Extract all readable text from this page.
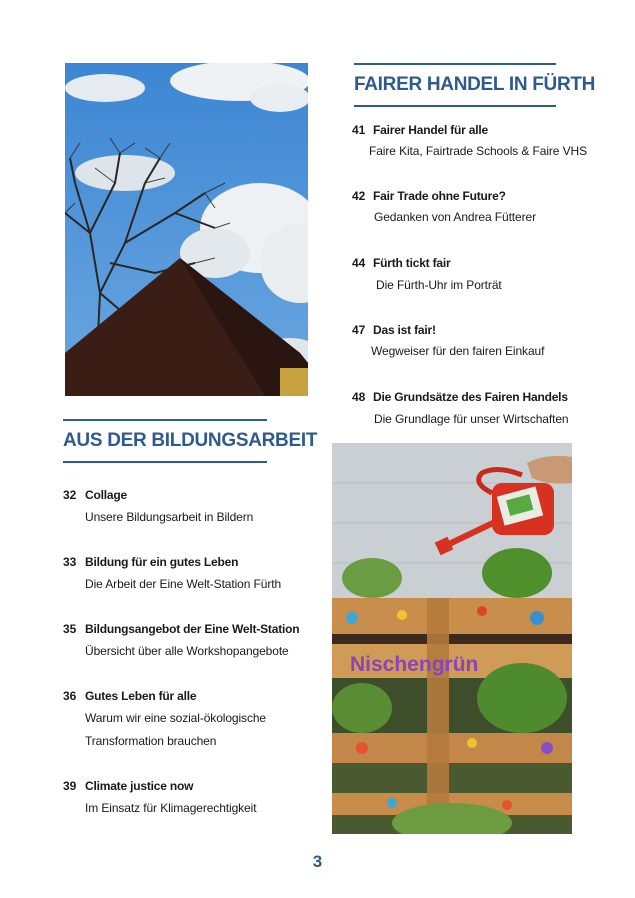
FAIRER HANDEL IN FÜRTH
41 Fairer Handel für alle
Faire Kita, Fairtrade Schools & Faire VHS
42 Fair Trade ohne Future?
Gedanken von Andrea Fütterer
44 Fürth tickt fair
Die Fürth-Uhr im Porträt
47 Das ist fair!
Wegweiser für den fairen Einkauf
48 Die Grundsätze des Fairen Handels
Die Grundlage für unser Wirtschaften
AUS DER BILDUNGSARBEIT
32 Collage
Unsere Bildungsarbeit in Bildern
33 Bildung für ein gutes Leben
Die Arbeit der Eine Welt-Station Fürth
35 Bildungsangebot der Eine Welt-Station
Übersicht über alle Workshopangebote
36 Gutes Leben für alle
Warum wir eine sozial-ökologische
Transformation brauchen
39 Climate justice now
Im Einsatz für Klimagerechtigkeit
Nischengrün
3
